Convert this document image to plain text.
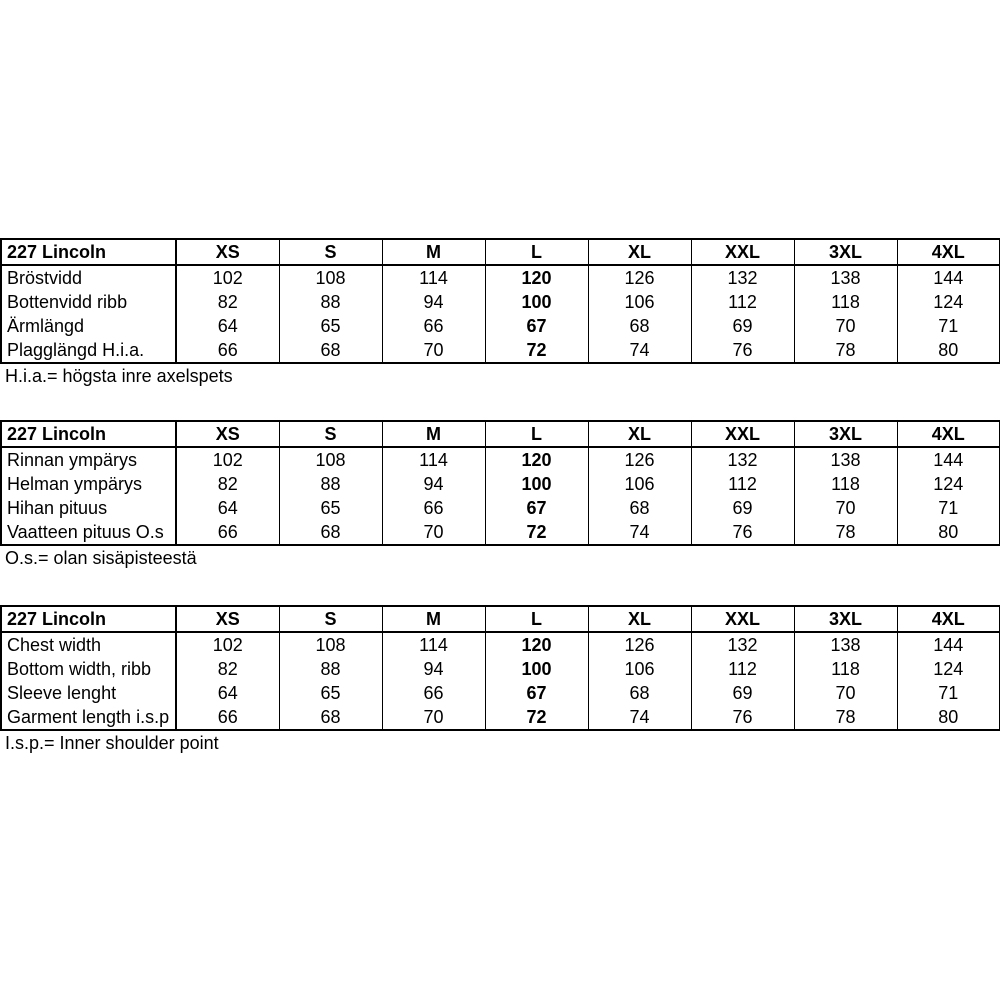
227 Lincoln	XS	S	M	L	XL	XXL	3XL	4XL
Bröstvidd	102	108	114	120	126	132	138	144
Bottenvidd ribb	82	88	94	100	106	112	118	124
Ärmlängd	64	65	66	67	68	69	70	71
Plagglängd H.i.a.	66	68	70	72	74	76	78	80
H.i.a.= högsta inre axelspets
227 Lincoln	XS	S	M	L	XL	XXL	3XL	4XL
Rinnan ympärys	102	108	114	120	126	132	138	144
Helman ympärys	82	88	94	100	106	112	118	124
Hihan pituus	64	65	66	67	68	69	70	71
Vaatteen pituus O.s	66	68	70	72	74	76	78	80
O.s.= olan sisäpisteestä
227 Lincoln	XS	S	M	L	XL	XXL	3XL	4XL
Chest width	102	108	114	120	126	132	138	144
Bottom width, ribb	82	88	94	100	106	112	118	124
Sleeve lenght	64	65	66	67	68	69	70	71
Garment length i.s.p	66	68	70	72	74	76	78	80
I.s.p.= Inner shoulder point
